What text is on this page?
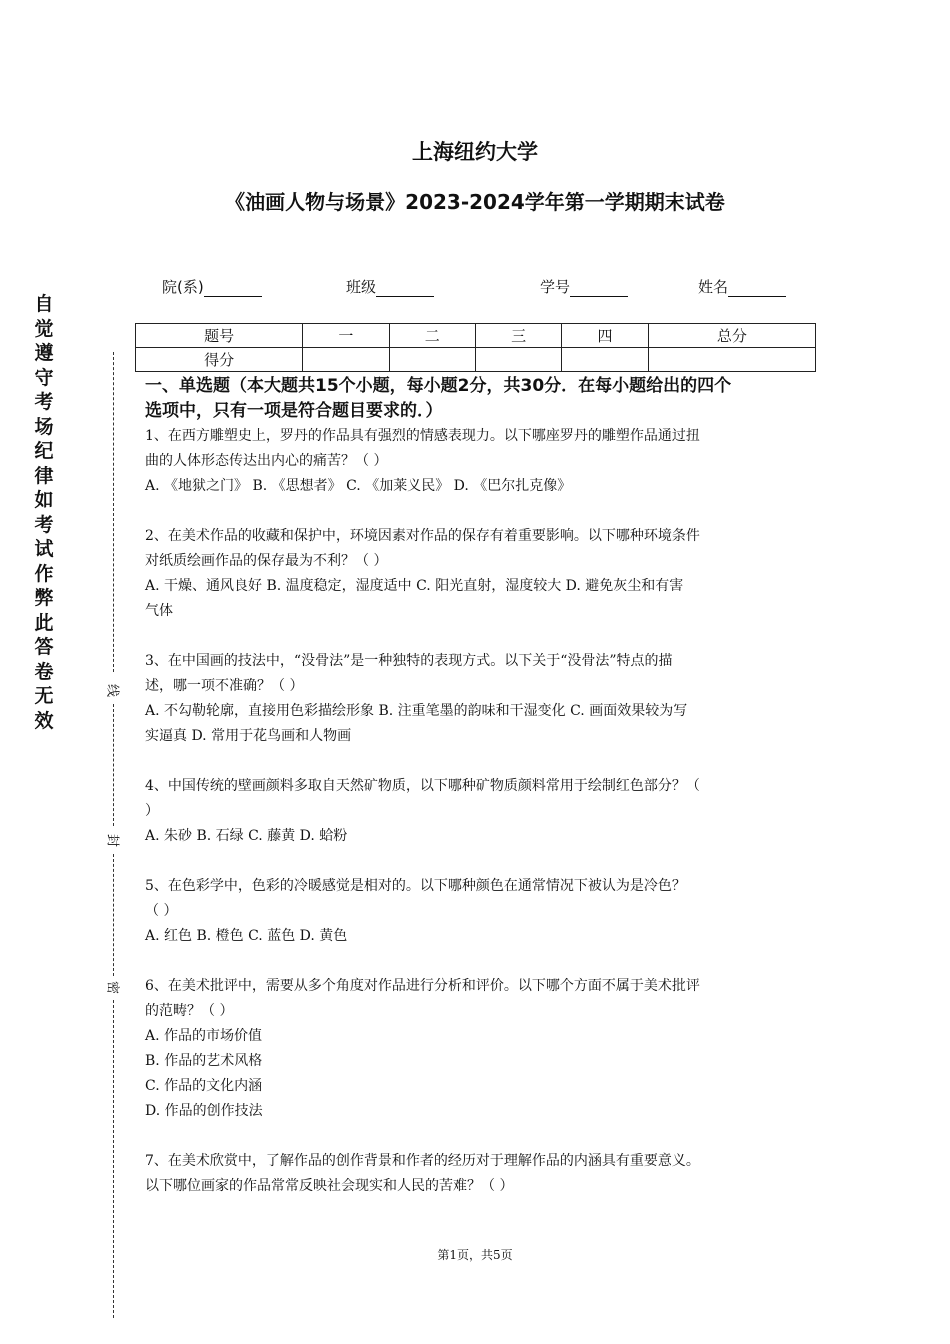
自觉遵守考场纪律如考试作弊此答卷无效
线
封
密
上海纽约大学
《油画人物与场景》2023-2024学年第一学期期末试卷
院(系)	班级	学号	姓名
题号	一	二	三	四	总分
得分					
一、单选题（本大题共15个小题，每小题2分，共30分．在每小题给出的四个
选项中，只有一项是符合题目要求的．）
1、在西方雕塑史上，罗丹的作品具有强烈的情感表现力。以下哪座罗丹的雕塑作品通过扭
曲的人体形态传达出内心的痛苦？（ ）
A. 《地狱之门》 B. 《思想者》 C. 《加莱义民》 D. 《巴尔扎克像》
2、在美术作品的收藏和保护中，环境因素对作品的保存有着重要影响。以下哪种环境条件
对纸质绘画作品的保存最为不利？（ ）
A. 干燥、通风良好 B. 温度稳定，湿度适中 C. 阳光直射，湿度较大 D. 避免灰尘和有害
气体
3、在中国画的技法中，“没骨法”是一种独特的表现方式。以下关于“没骨法”特点的描
述，哪一项不准确？（ ）
A. 不勾勒轮廓，直接用色彩描绘形象 B. 注重笔墨的韵味和干湿变化 C. 画面效果较为写
实逼真 D. 常用于花鸟画和人物画
4、中国传统的壁画颜料多取自天然矿物质，以下哪种矿物质颜料常用于绘制红色部分？（
）
A. 朱砂 B. 石绿 C. 藤黄 D. 蛤粉
5、在色彩学中，色彩的冷暖感觉是相对的。以下哪种颜色在通常情况下被认为是冷色？
（ ）
A. 红色 B. 橙色 C. 蓝色 D. 黄色
6、在美术批评中，需要从多个角度对作品进行分析和评价。以下哪个方面不属于美术批评
的范畴？（ ）
A. 作品的市场价值
B. 作品的艺术风格
C. 作品的文化内涵
D. 作品的创作技法
7、在美术欣赏中，了解作品的创作背景和作者的经历对于理解作品的内涵具有重要意义。
以下哪位画家的作品常常反映社会现实和人民的苦难？（ ）
第1页，共5页
